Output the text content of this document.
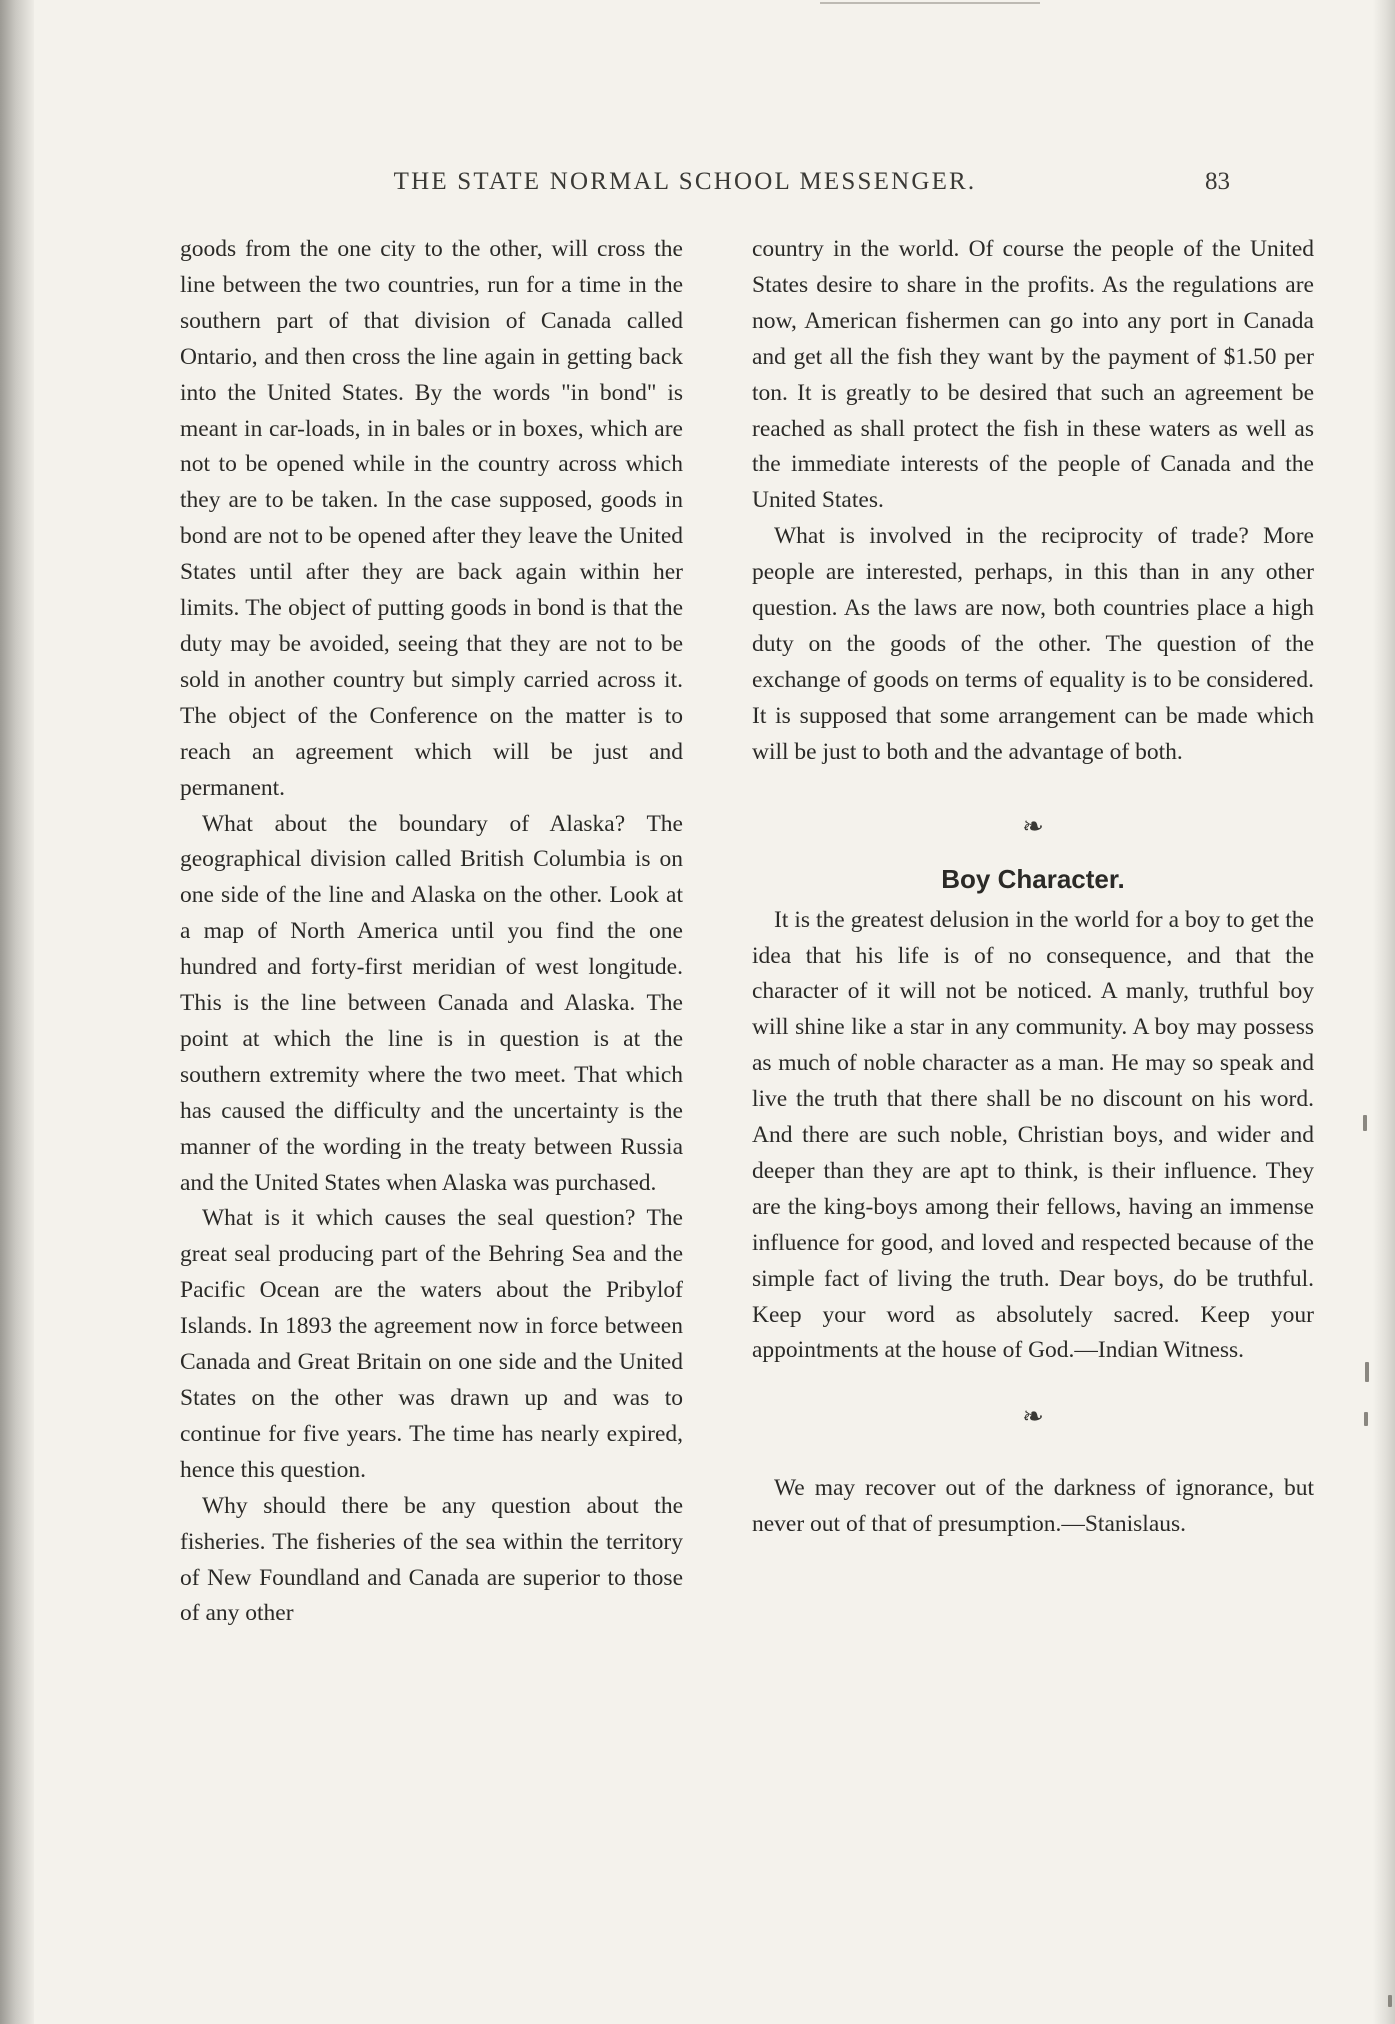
THE STATE NORMAL SCHOOL MESSENGER.	83

goods from the one city to the other, will cross the line between the two countries, run for a time in the southern part of that division of Canada called Ontario, and then cross the line again in getting back into the United States. By the words "in bond" is meant in car-loads, in in bales or in boxes, which are not to be opened while in the country across which they are to be taken. In the case supposed, goods in bond are not to be opened after they leave the United States until after they are back again within her limits. The object of putting goods in bond is that the duty may be avoided, seeing that they are not to be sold in another country but simply carried across it. The object of the Conference on the matter is to reach an agreement which will be just and permanent.

What about the boundary of Alaska? The geographical division called British Columbia is on one side of the line and Alaska on the other. Look at a map of North America until you find the one hundred and forty-first meridian of west longitude. This is the line between Canada and Alaska. The point at which the line is in question is at the southern extremity where the two meet. That which has caused the difficulty and the uncertainty is the manner of the wording in the treaty between Russia and the United States when Alaska was purchased.

What is it which causes the seal question? The great seal producing part of the Behring Sea and the Pacific Ocean are the waters about the Pribylof Islands. In 1893 the agreement now in force between Canada and Great Britain on one side and the United States on the other was drawn up and was to continue for five years. The time has nearly expired, hence this question.

Why should there be any question about the fisheries. The fisheries of the sea within the territory of New Foundland and Canada are superior to those of any other

country in the world. Of course the people of the United States desire to share in the profits. As the regulations are now, American fishermen can go into any port in Canada and get all the fish they want by the payment of $1.50 per ton. It is greatly to be desired that such an agreement be reached as shall protect the fish in these waters as well as the immediate interests of the people of Canada and the United States.

What is involved in the reciprocity of trade? More people are interested, perhaps, in this than in any other question. As the laws are now, both countries place a high duty on the goods of the other. The question of the exchange of goods on terms of equality is to be considered. It is supposed that some arrangement can be made which will be just to both and the advantage of both.

❧
Boy Character.

It is the greatest delusion in the world for a boy to get the idea that his life is of no consequence, and that the character of it will not be noticed. A manly, truthful boy will shine like a star in any community. A boy may possess as much of noble character as a man. He may so speak and live the truth that there shall be no discount on his word. And there are such noble, Christian boys, and wider and deeper than they are apt to think, is their influence. They are the king-boys among their fellows, having an immense influence for good, and loved and respected because of the simple fact of living the truth. Dear boys, do be truthful. Keep your word as absolutely sacred. Keep your appointments at the house of God.—Indian Witness.

❧

We may recover out of the darkness of ignorance, but never out of that of presumption.—Stanislaus.
